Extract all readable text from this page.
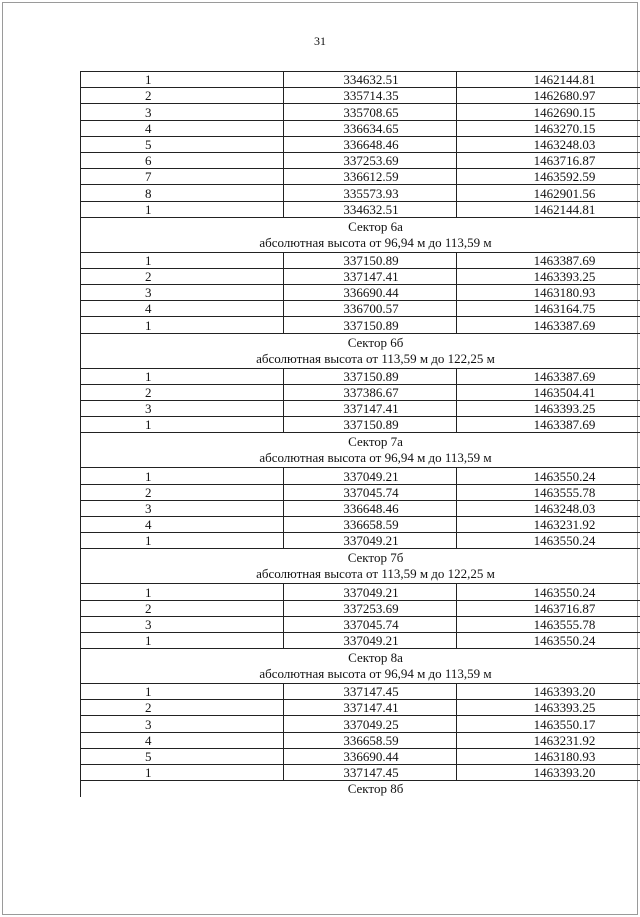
31
1	334632.51	1462144.81
2	335714.35	1462680.97
3	335708.65	1462690.15
4	336634.65	1463270.15
5	336648.46	1463248.03
6	337253.69	1463716.87
7	336612.59	1463592.59
8	335573.93	1462901.56
1	334632.51	1462144.81

Сектор 6а
абсолютная высота от 96,94 м до 113,59 м		

1	337150.89	1463387.69
2	337147.41	1463393.25
3	336690.44	1463180.93
4	336700.57	1463164.75
1	337150.89	1463387.69

Сектор 6б
абсолютная высота от 113,59 м до 122,25 м		

1	337150.89	1463387.69
2	337386.67	1463504.41
3	337147.41	1463393.25
1	337150.89	1463387.69

Сектор 7а
абсолютная высота от 96,94 м до 113,59 м		

1	337049.21	1463550.24
2	337045.74	1463555.78
3	336648.46	1463248.03
4	336658.59	1463231.92
1	337049.21	1463550.24

Сектор 7б
абсолютная высота от 113,59 м до 122,25 м		

1	337049.21	1463550.24
2	337253.69	1463716.87
3	337045.74	1463555.78
1	337049.21	1463550.24

Сектор 8а
абсолютная высота от 96,94 м до 113,59 м		

1	337147.45	1463393.20
2	337147.41	1463393.25
3	337049.25	1463550.17
4	336658.59	1463231.92
5	336690.44	1463180.93
1	337147.45	1463393.20

Сектор 8б		
